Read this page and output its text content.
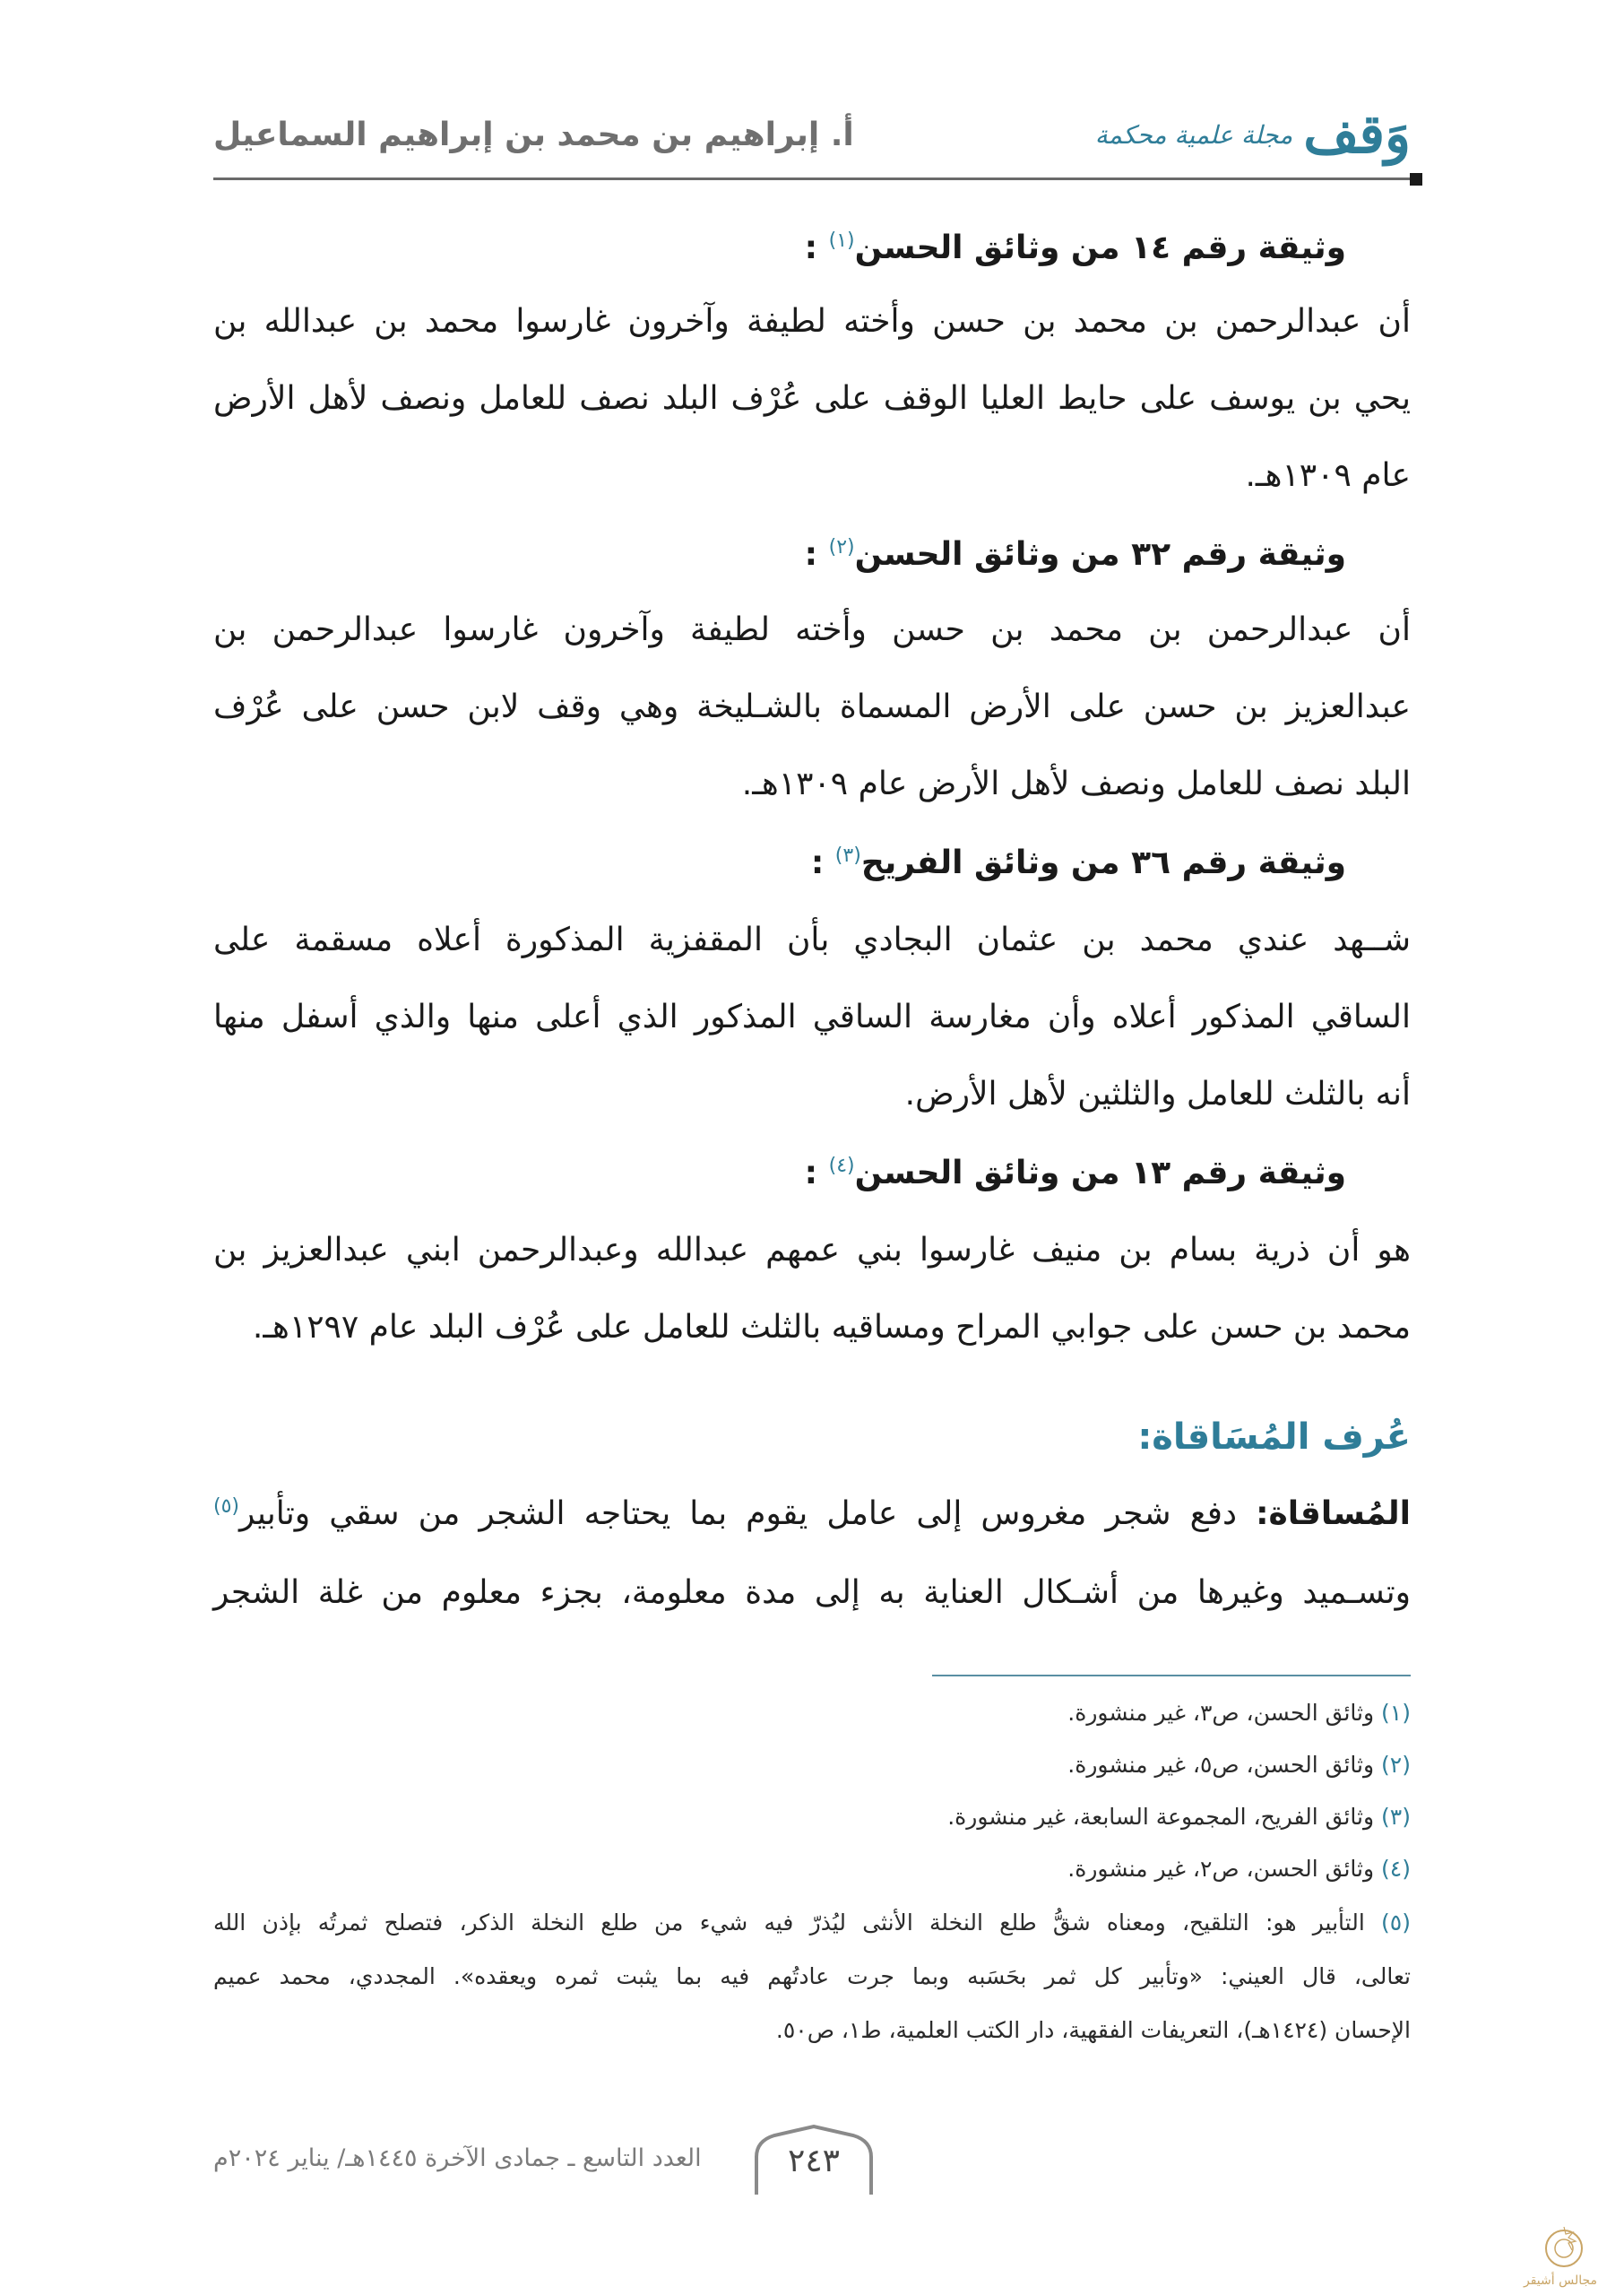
وَقف
مجلة علمية محكمة
أ. إبراهيم بن محمد بن إبراهيم السماعيل
وثيقة رقم ١٤ من وثائق الحسن$^{(١)}$ :
أن عبدالرحمن بن محمد بن حسن وأخته لطيفة وآخرون غارسوا محمد بن عبدالله بن
يحي بن يوسف على حايط العليا الوقف على عُرْف البلد نصف للعامل ونصف لأهل الأرض
عام ١٣٠٩هـ.
وثيقة رقم ٣٢ من وثائق الحسن$^{(٢)}$ :
أن عبدالرحمن بن محمد بن حسن وأخته لطيفة وآخرون غارسوا عبدالرحمن بن
عبدالعزيز بن حسن على الأرض المسماة بالشـليخة وهي وقف لابن حسن على عُرْف
البلد نصف للعامل ونصف لأهل الأرض عام ١٣٠٩هـ.
وثيقة رقم ٣٦ من وثائق الفريح$^{(٣)}$ :
شــهد عندي محمد بن عثمان البجادي بأن المقفزية المذكورة أعلاه مسقمة على
الساقي المذكور أعلاه وأن مغارسة الساقي المذكور الذي أعلى منها والذي أسفل منها
أنه بالثلث للعامل والثلثين لأهل الأرض.
وثيقة رقم ١٣ من وثائق الحسن$^{(٤)}$ :
هو أن ذرية بسام بن منيف غارسوا بني عمهم عبدالله وعبدالرحمن ابني عبدالعزيز بن
محمد بن حسن على جوابي المراح ومساقيه بالثلث للعامل على عُرْف البلد عام ١٢٩٧هـ.
عُرف المُسَاقاة:
المُساقاة: دفع شجر مغروس إلى عامل يقوم بما يحتاجه الشجر من سقي وتأبير$^{(٥)}$
وتسـميد وغيرها من أشـكال العناية به إلى مدة معلومة، بجزء معلوم من غلة الشجر
(١) وثائق الحسن، ص٣، غير منشورة.
(٢) وثائق الحسن، ص٥، غير منشورة.
(٣) وثائق الفريح، المجموعة السابعة، غير منشورة.
(٤) وثائق الحسن، ص٢، غير منشورة.
(٥) التأبير هو: التلقيح، ومعناه شقُّ طلع النخلة الأنثى ليُذرّ فيه شيء من طلع النخلة الذكر، فتصلح ثمرتُه بإذن الله
تعالى، قال العيني: «وتأبير كل ثمر بحَسَبه وبما جرت عادتُهم فيه بما يثبت ثمره ويعقده». المجددي، محمد عميم
الإحسان (١٤٢٤هـ)، التعريفات الفقهية، دار الكتب العلمية، ط١، ص٥٠.
العدد التاسع ـ جمادى الآخرة ١٤٤٥هـ/ يناير ٢٠٢٤م	٢٤٣
مجالس أشيقر
